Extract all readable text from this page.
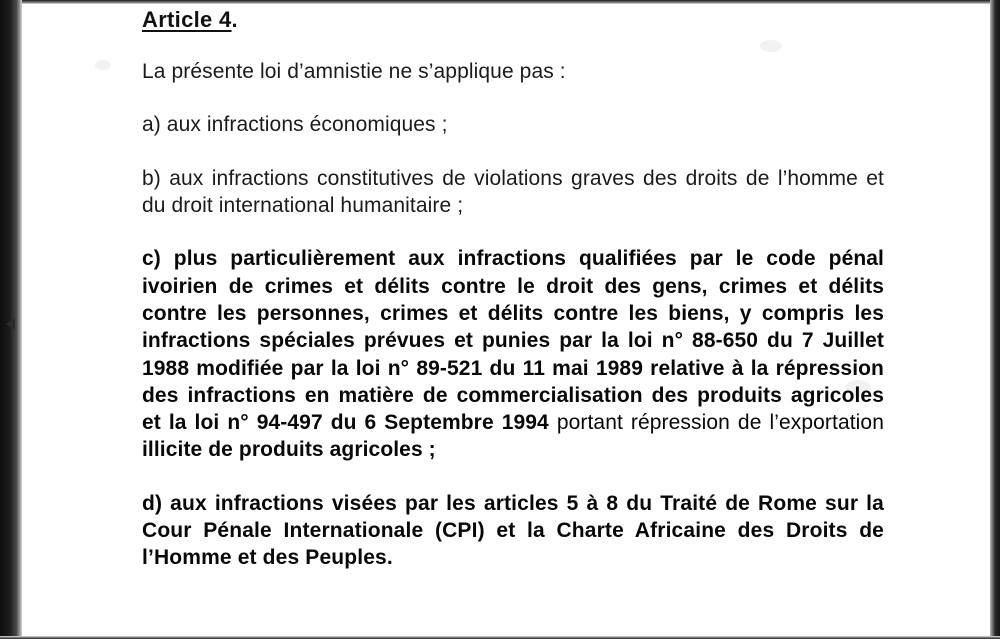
Article 4.

La présente loi d’amnistie ne s’applique pas :

a) aux infractions économiques ;

b) aux infractions constitutives de violations graves des droits de l’homme et du droit international humanitaire ;

c) plus particulièrement aux infractions qualifiées par le code pénal ivoirien de crimes et délits contre le droit des gens, crimes et délits contre les personnes, crimes et délits contre les biens, y compris les infractions spéciales prévues et punies par la loi n° 88-650 du 7 Juillet 1988 modifiée par la loi n° 89-521 du 11 mai 1989 relative à la répression des infractions en matière de commercialisation des produits agricoles et la loi n° 94-497 du 6 Septembre 1994 portant répression de l’exportation illicite de produits agricoles ;

d) aux infractions visées par les articles 5 à 8 du Traité de Rome sur la Cour Pénale Internationale (CPI) et la Charte Africaine des Droits de l’Homme et des Peuples.
